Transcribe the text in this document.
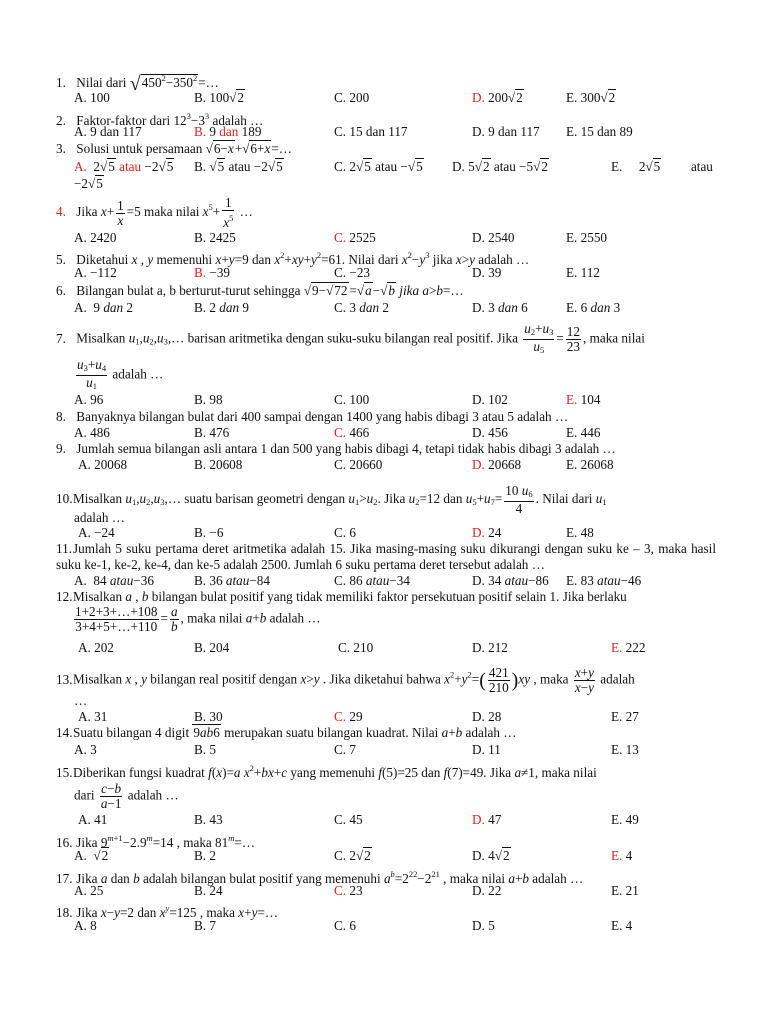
1. Nilai dari $√450^2-350^2=\dots$
A. 100	B. 100√2	C. 200	D. 200√2	E. 300√2
2. Faktor-faktor dari $12^3-3^3$ adalah …
A. 9 dan 117	B. 9 dan 189	C. 15 dan 117	D. 9 dan 117 E. 15 dan 89
3. Solusi untuk persamaan √6−x+√6+x=…
A.  2√5 atau −2√5 B. √5 atau −2√5	C. 2√5 atau −√5 D. 5√2 atau −5√2	E.     2√5         atau
−2√5
4. Jika $x+ \frac{1}{x} =5$ maka nilai $x^5+ \frac{1}{x^5}$ …
A. 2420	B. 2425	C. 2525	D. 2540	E. 2550
5. Diketahui x , y memenuhi x+y=9 dan $x^2+xy+y^2=61$. Nilai dari $x^2-y^3$ jika x>y adalah …
A. −112	B. −39	C. −23	D. 39	E. 112
6. Bilangan bulat a, b berturut-turut sehingga √9−√72 =√a−√b jika a>b=…
A.  9 dan 2	B. 2 dan 9	C. 3 dan 2	D. 3 dan 6	E. 6 dan 3
7. Misalkan $u_1,u_2,u_3,\dots$ barisan aritmetika dengan suku-suku bilangan real positif. Jika $\frac{u_2+u_3}{u_5} = \frac{12}{23}$ , maka nilai
$\frac{u_3+u_4}{u_1}$ adalah …
A. 96	B. 98	C. 100	D. 102	E. 104
8. Banyaknya bilangan bulat dari 400 sampai dengan 1400 yang habis dibagi 3 atau 5 adalah …
A. 486	B. 476	C. 466	D. 456	E. 446
9. Jumlah semua bilangan asli antara 1 dan 500 yang habis dibagi 4, tetapi tidak habis dibagi 3 adalah …
A. 20068	B. 20608	C. 20660	D. 20668	E. 26068
10.Misalkan $u_1,u_2,u_3,\dots$ suatu barisan geometri dengan $u_1>u_2$. Jika $u_2=12$ dan $u_5+u_7= \frac{10 u_6}{4}$ . Nilai dari $u_1$
adalah …
A. −24	B. −6	C. 6	D. 24	E. 48
11.Jumlah 5 suku pertama deret aritmetika adalah 15. Jika masing-masing suku dikurangi dengan suku ke – 3, maka hasil suku ke-1, ke-2, ke-4, dan ke-5 adalah 2500. Jumlah 6 suku pertama deret tersebut adalah …
A.  84 atau−36	B. 36 atau−84	C. 86 atau−34	D. 34 atau−86 E. 83 atau−46
12.Misalkan a , b bilangan bulat positif yang tidak memiliki faktor persekutuan positif selain 1. Jika berlaku
$\frac{1+2+3+\dots+108}{3+4+5+\dots+110} = \frac{a}{b}$ , maka nilai a+b adalah …
A. 202	B. 204	C. 210	D. 212	E. 222
13.Misalkan x , y bilangan real positif dengan x>y . Jika diketahui bahwa $x^2+y^2=( \frac{421}{210} )xy$ , maka $\frac{x+y}{x-y}$ adalah
…
A. 31	B. 30	C. 29	D. 28	E. 27
14.Suatu bilangan 4 digit 9ab6 merupakan suatu bilangan kuadrat. Nilai a+b adalah …
A. 3	B. 5	C. 7	D. 11	E. 13
15.Diberikan fungsi kuadrat f(x)=a $x^2+bx+c$ yang memenuhi f(5)=25 dan f(7)=49. Jika a≠1, maka nilai
dari $\frac{c-b}{a-1}$ adalah …
A. 41	B. 43	C. 45	D. 47	E. 49
16. Jika $9^{m+1}-2.9^m=14$ , maka $81^m=\dots$
A.  √2	B. 2	C. 2√2	D. 4√2	E. 4
17. Jika a dan b adalah bilangan bulat positif yang memenuhi $a^b=2^{22}-2^{21}$ , maka nilai a+b adalah …
A. 25	B. 24	C. 23	D. 22	E. 21
18. Jika x−y=2 dan $x^y=125$ , maka x+y=…
A. 8	B. 7	C. 6	D. 5	E. 4
